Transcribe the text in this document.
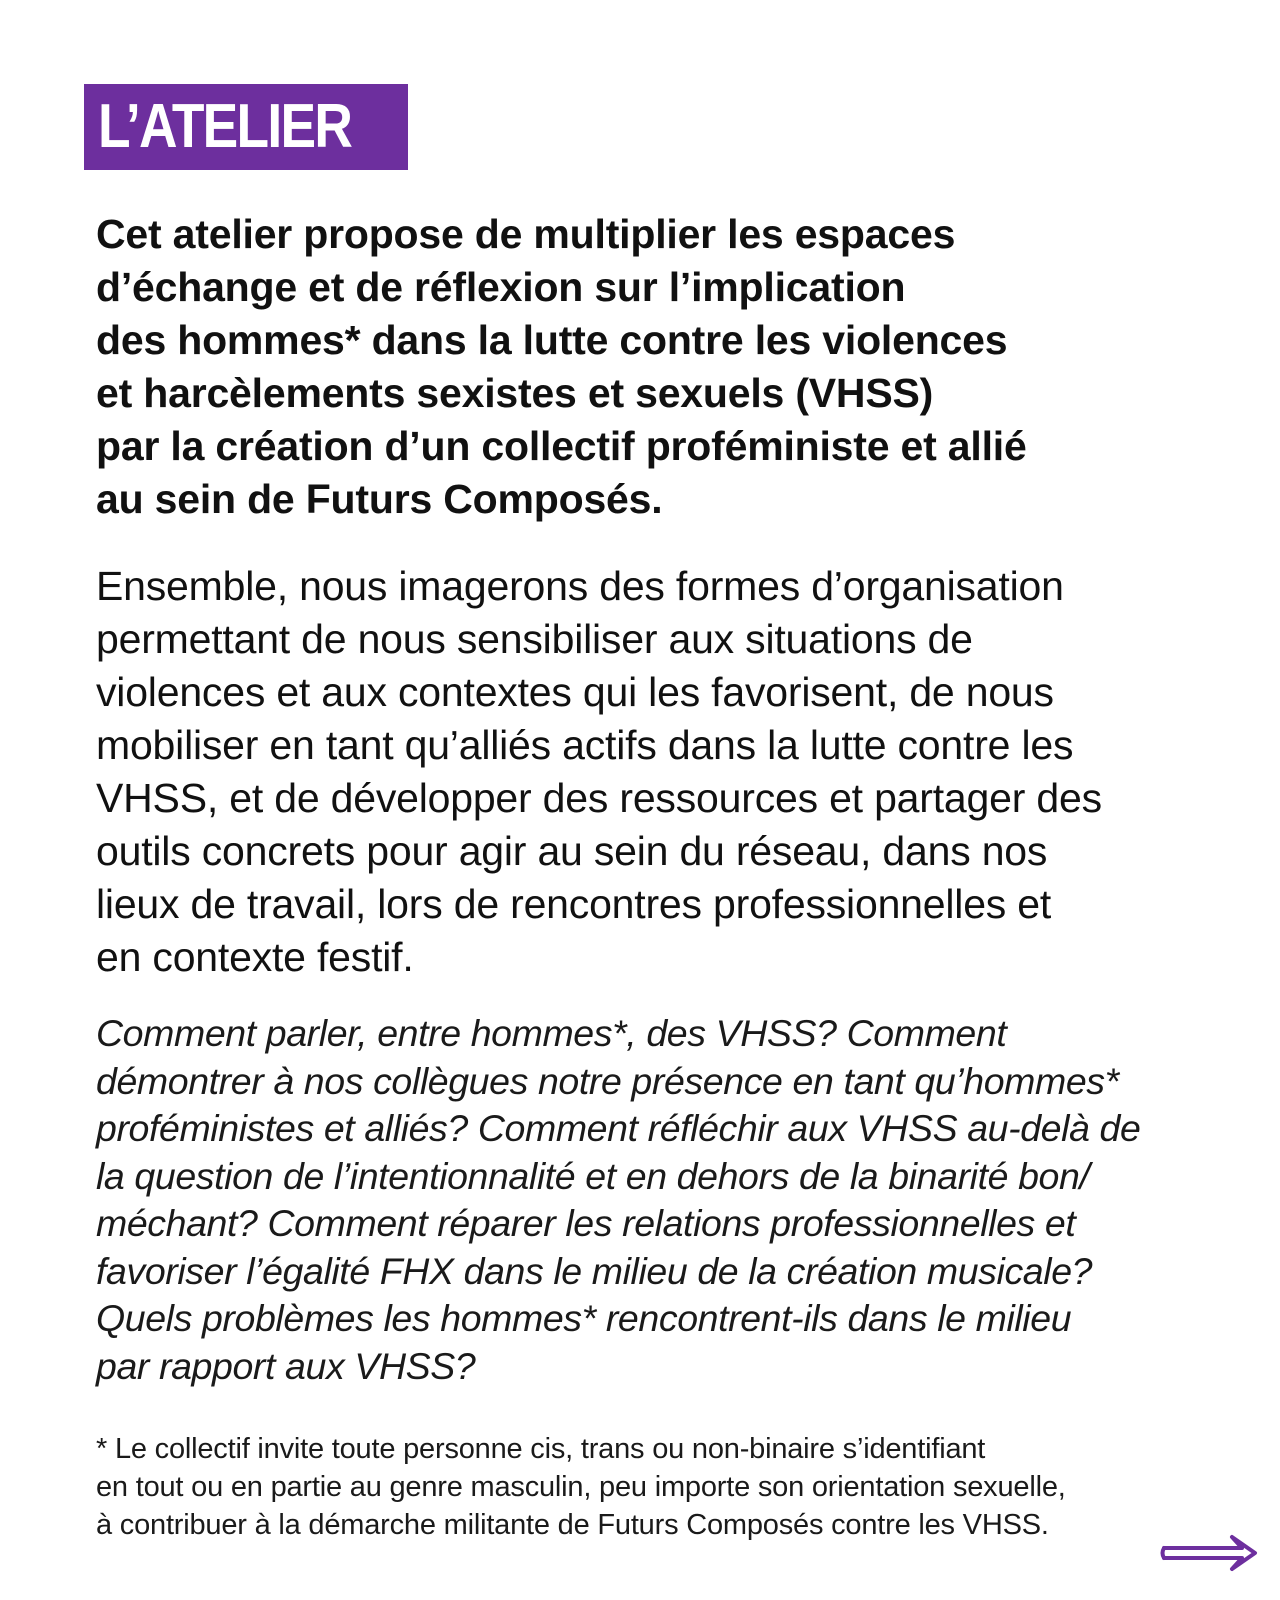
L’ATELIER

Cet atelier propose de multiplier les espaces
d’échange et de réflexion sur l’implication
des hommes* dans la lutte contre les violences
et harcèlements sexistes et sexuels (VHSS)
par la création d’un collectif proféministe et allié
au sein de Futurs Composés.

Ensemble, nous imagerons des formes d’organisation
permettant de nous sensibiliser aux situations de
violences et aux contextes qui les favorisent, de nous
mobiliser en tant qu’alliés actifs dans la lutte contre les
VHSS, et de développer des ressources et partager des
outils concrets pour agir au sein du réseau, dans nos
lieux de travail, lors de rencontres professionnelles et
en contexte festif.

Comment parler, entre hommes*, des VHSS? Comment
démontrer à nos collègues notre présence en tant qu’hommes*
proféministes et alliés? Comment réfléchir aux VHSS au-delà de
la question de l’intentionnalité et en dehors de la binarité bon/
méchant? Comment réparer les relations professionnelles et
favoriser l’égalité FHX dans le milieu de la création musicale?
Quels problèmes les hommes* rencontrent-ils dans le milieu
par rapport aux VHSS?

* Le collectif invite toute personne cis, trans ou non-binaire s’identifiant
en tout ou en partie au genre masculin, peu importe son orientation sexuelle,
à contribuer à la démarche militante de Futurs Composés contre les VHSS.
